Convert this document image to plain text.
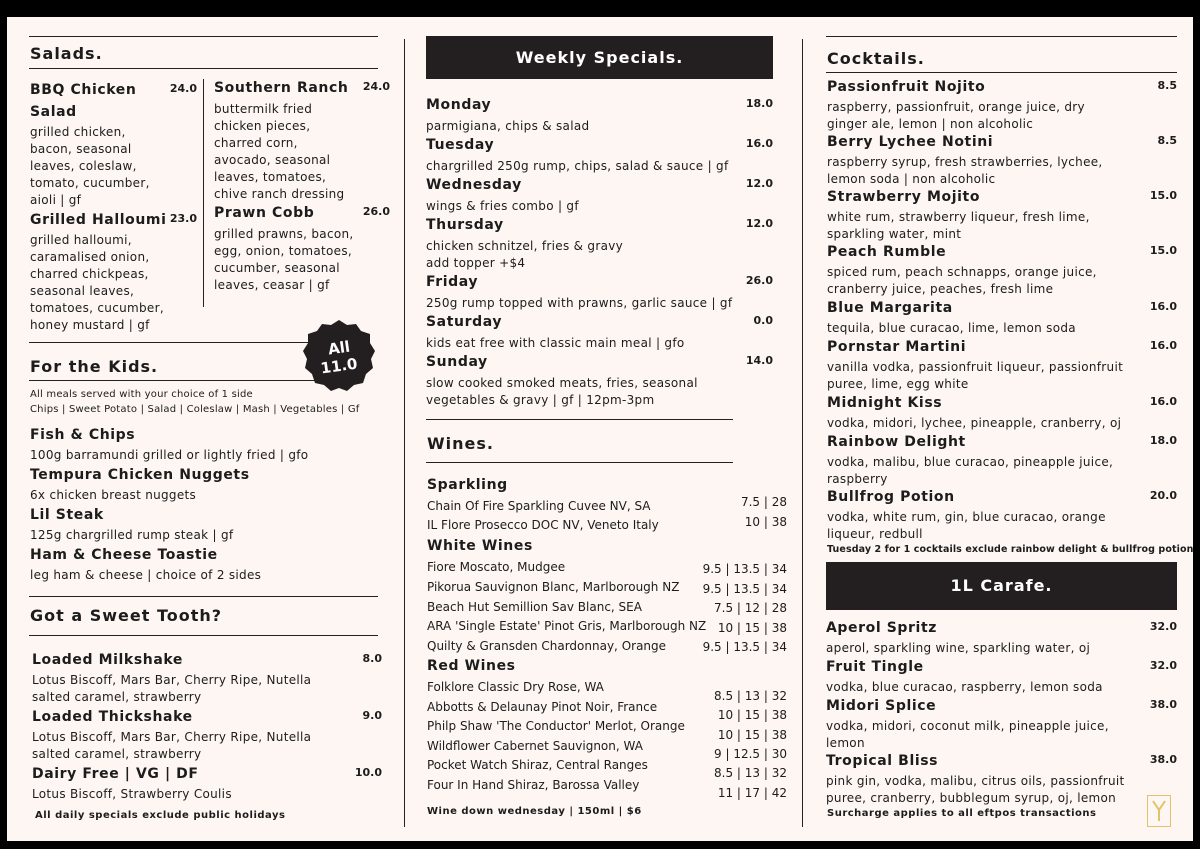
Salads.
BBQ Chicken
Salad
24.0
grilled chicken,
bacon, seasonal
leaves, coleslaw,
tomato, cucumber,
aioli | gf
Grilled Halloumi 23.0
grilled halloumi,
caramalised onion,
charred chickpeas,
seasonal leaves,
tomatoes, cucumber,
honey mustard | gf
Southern Ranch	24.0
buttermilk fried
chicken pieces,
charred corn,
avocado, seasonal
leaves, tomatoes,
chive ranch dressing
Prawn Cobb	26.0
grilled prawns, bacon,
egg, onion, tomatoes,
cucumber, seasonal
leaves, ceasar | gf
For the Kids.
All
11.0
All meals served with your choice of 1 side
Chips | Sweet Potato | Salad | Coleslaw | Mash | Vegetables | Gf
Fish & Chips
100g barramundi grilled or lightly fried | gfo
Tempura Chicken Nuggets
6x chicken breast nuggets
Lil Steak
125g chargrilled rump steak | gf
Ham & Cheese Toastie
leg ham & cheese | choice of 2 sides
Got a Sweet Tooth?
Loaded Milkshake	8.0
Lotus Biscoff, Mars Bar, Cherry Ripe, Nutella
salted caramel, strawberry
Loaded Thickshake	9.0
Lotus Biscoff, Mars Bar, Cherry Ripe, Nutella
salted caramel, strawberry
Dairy Free | VG | DF	10.0
Lotus Biscoff, Strawberry Coulis
All daily specials exclude public holidays
Weekly Specials.
Monday	18.0
parmigiana, chips & salad
Tuesday	16.0
chargrilled 250g rump, chips, salad & sauce | gf
Wednesday	12.0
wings & fries combo | gf
Thursday	12.0
chicken schnitzel, fries & gravy
add topper +$4
Friday	26.0
250g rump topped with prawns, garlic sauce | gf
Saturday	0.0
kids eat free with classic main meal | gfo
Sunday	14.0
slow cooked smoked meats, fries, seasonal
vegetables & gravy | gf | 12pm-3pm
Wines.
Sparkling
Chain Of Fire Sparkling Cuvee NV, SA	7.5 | 28
IL Flore Prosecco DOC NV, Veneto Italy	10 | 38
White Wines
Fiore Moscato, Mudgee	9.5 | 13.5 | 34
Pikorua Sauvignon Blanc, Marlborough NZ	9.5 | 13.5 | 34
Beach Hut Semillion Sav Blanc, SEA	7.5 | 12 | 28
ARA 'Single Estate' Pinot Gris, Marlborough NZ 10 | 15 | 38
Quilty & Gransden Chardonnay, Orange	9.5 | 13.5 | 34
Red Wines
Folklore Classic Dry Rose, WA
8.5 | 13 | 32
Abbotts & Delaunay Pinot Noir, France
10 | 15 | 38
Philp Shaw 'The Conductor' Merlot, Orange
10 | 15 | 38
Wildflower Cabernet Sauvignon, WA
9 | 12.5 | 30
Pocket Watch Shiraz, Central Ranges
8.5 | 13 | 32
Four In Hand Shiraz, Barossa Valley
11 | 17 | 42
Wine down wednesday | 150ml | $6
Cocktails.
Passionfruit Nojito	8.5
raspberry, passionfruit, orange juice, dry
ginger ale, lemon | non alcoholic
Berry Lychee Notini	8.5
raspberry syrup, fresh strawberries, lychee,
lemon soda | non alcoholic
Strawberry Mojito	15.0
white rum, strawberry liqueur, fresh lime,
sparkling water, mint
Peach Rumble	15.0
spiced rum, peach schnapps, orange juice,
cranberry juice, peaches, fresh lime
Blue Margarita	16.0
tequila, blue curacao, lime, lemon soda
Pornstar Martini	16.0
vanilla vodka, passionfruit liqueur, passionfruit
puree, lime, egg white
Midnight Kiss	16.0
vodka, midori, lychee, pineapple, cranberry, oj
Rainbow Delight	18.0
vodka, malibu, blue curacao, pineapple juice,
raspberry
Bullfrog Potion	20.0
vodka, white rum, gin, blue curacao, orange
liqueur, redbull
Tuesday 2 for 1 cocktails exclude rainbow delight & bullfrog potion
1L Carafe.
Aperol Spritz	32.0
aperol, sparkling wine, sparkling water, oj
Fruit Tingle	32.0
vodka, blue curacao, raspberry, lemon soda
Midori Splice	38.0
vodka, midori, coconut milk, pineapple juice,
lemon
Tropical Bliss	38.0
pink gin, vodka, malibu, citrus oils, passionfruit
puree, cranberry, bubblegum syrup, oj, lemon
Surcharge applies to all eftpos transactions
